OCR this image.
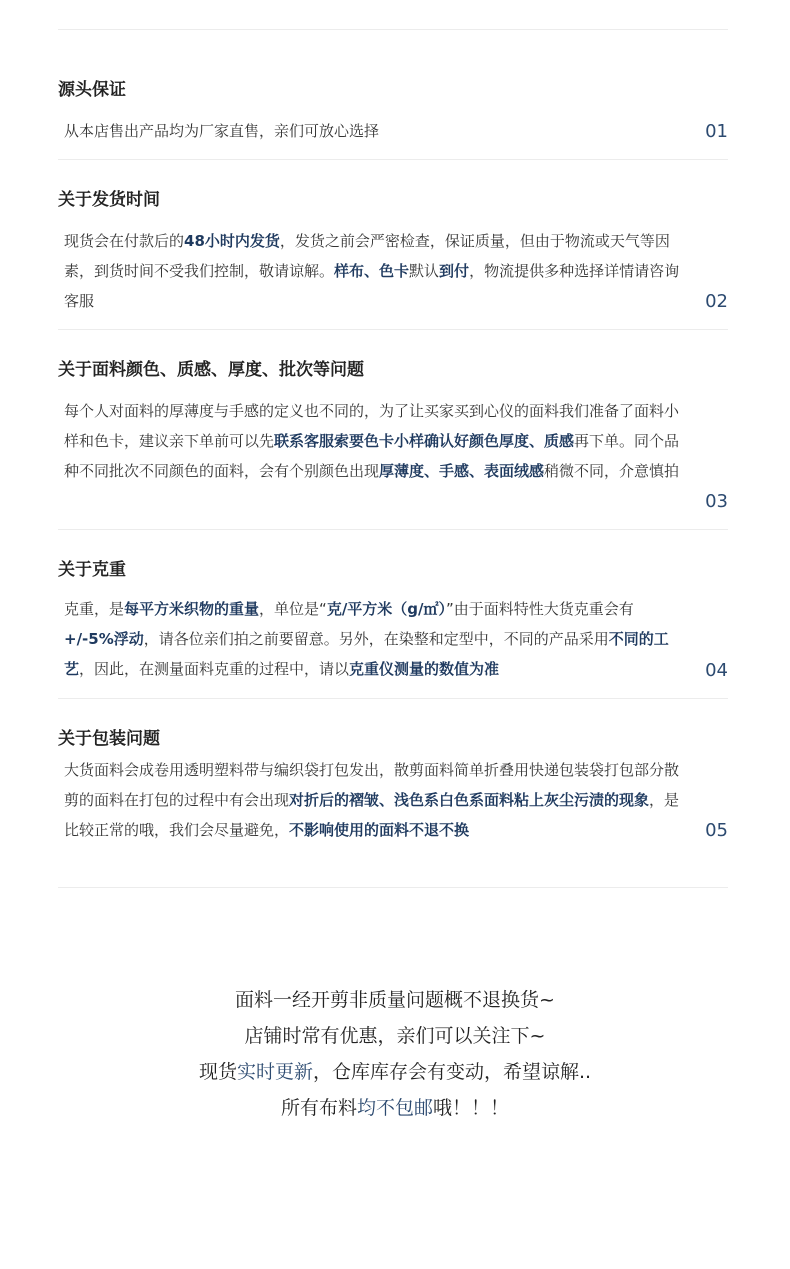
源头保证
从本店售出产品均为厂家直售，亲们可放心选择	01
关于发货时间
现货会在付款后的48小时内发货，发货之前会严密检查，保证质量，但由于物流或天气等因素，到货时间不受我们控制，敬请谅解。样布、色卡默认到付，物流提供多种选择详情请咨询客服	02
关于面料颜色、质感、厚度、批次等问题
每个人对面料的厚薄度与手感的定义也不同的，为了让买家买到心仪的面料我们准备了面料小样和色卡，建议亲下单前可以先联系客服索要色卡小样确认好颜色厚度、质感再下单。同个品种不同批次不同颜色的面料，会有个别颜色出现厚薄度、手感、表面绒感稍微不同，介意慎拍
03
关于克重
克重，是每平方米织物的重量，单位是“克/平方米（g/㎡）”由于面料特性大货克重会有+/-5%浮动，请各位亲们拍之前要留意。另外，在染整和定型中，不同的产品采用不同的工艺，因此，在测量面料克重的过程中，请以克重仪测量的数值为准	04
关于包装问题
大货面料会成卷用透明塑料带与编织袋打包发出，散剪面料简单折叠用快递包装袋打包部分散剪的面料在打包的过程中有会出现对折后的褶皱、浅色系白色系面料粘上灰尘污渍的现象，是比较正常的哦，我们会尽量避免，不影响使用的面料不退不换	05
面料一经开剪非质量问题概不退换货~
店铺时常有优惠，亲们可以关注下~
现货实时更新，仓库库存会有变动，希望谅解..
所有布料均不包邮哦！！！
